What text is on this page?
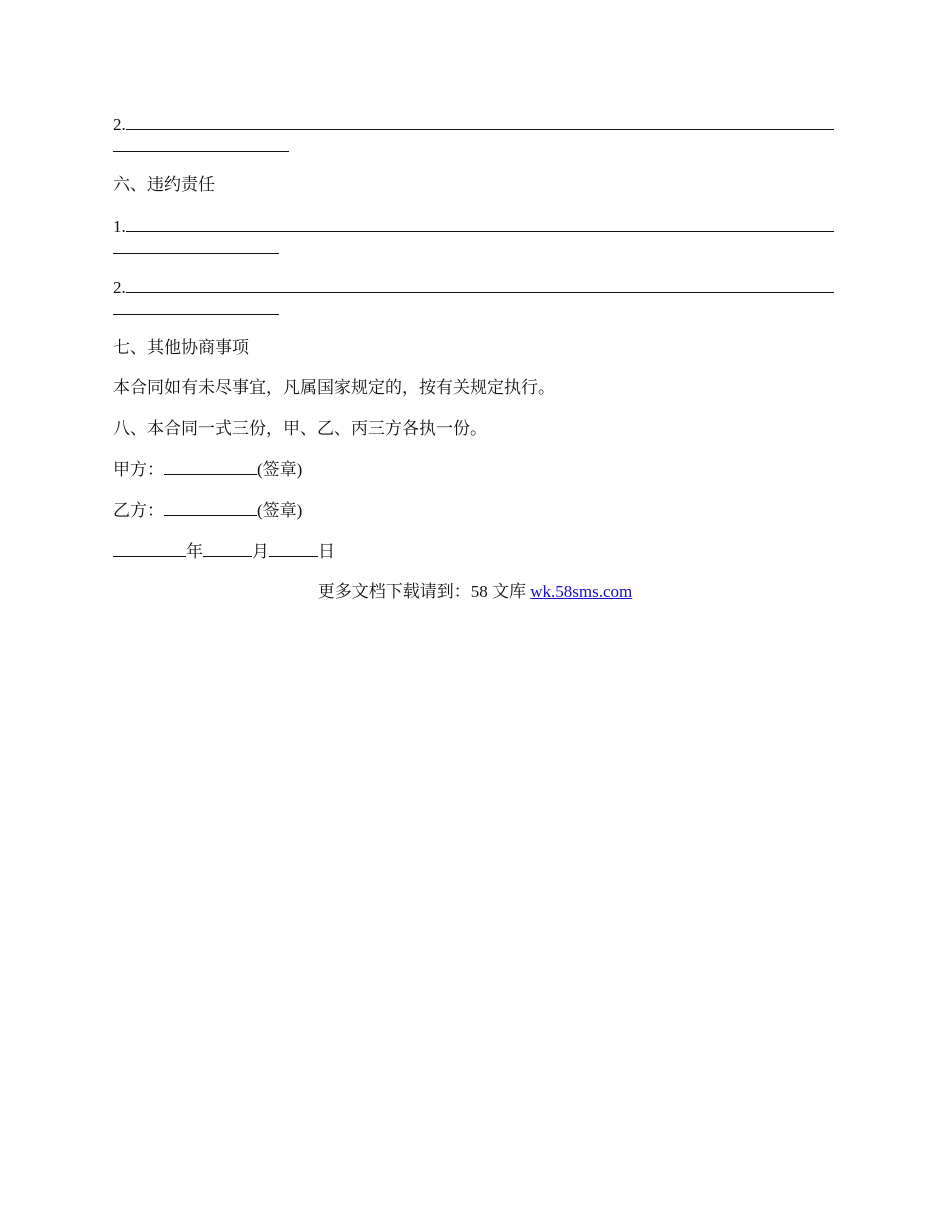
2.
六、违约责任
1.
2.
七、其他协商事项
本合同如有未尽事宜，凡属国家规定的，按有关规定执行。
八、本合同一式三份，甲、乙、丙三方各执一份。
甲方：	(签章)
乙方：	(签章)
年	月	日
更多文档下载请到：58 文库 wk.58sms.com
